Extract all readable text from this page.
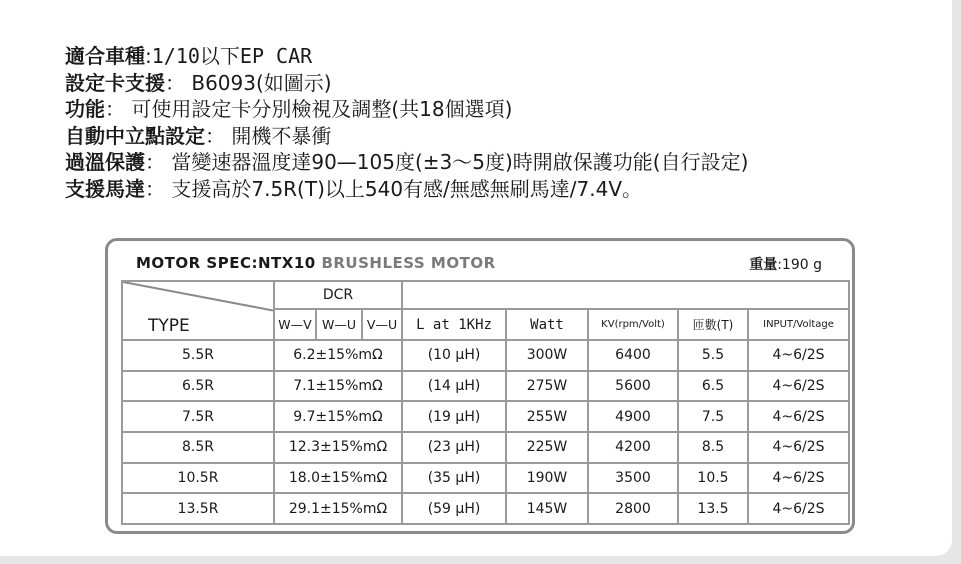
適合車種:1/10以下EP CAR
設定卡支援： B6093(如圖示)
功能： 可使用設定卡分別檢視及調整(共18個選項)
自動中立點設定： 開機不暴衝
過溫保護： 當變速器溫度達90—105度(±3～5度)時開啟保護功能(自行設定)
支援馬達： 支援高於7.5R(T)以上540有感/無感無刷馬達/7.4V。
MOTOR SPEC:NTX10 BRUSHLESS MOTOR	重量:190 g
TYPE	DCR							
	W—V	W—U	V—U	L at 1KHz	Watt	KV(rpm/Volt)	匝數(T)	INPUT/Voltage
5.5R	6.2±15%mΩ			(10 μH)	300W	6400	5.5	4~6/2S
6.5R	7.1±15%mΩ			(14 μH)	275W	5600	6.5	4~6/2S
7.5R	9.7±15%mΩ			(19 μH)	255W	4900	7.5	4~6/2S
8.5R	12.3±15%mΩ			(23 μH)	225W	4200	8.5	4~6/2S
10.5R	18.0±15%mΩ			(35 μH)	190W	3500	10.5	4~6/2S
13.5R	29.1±15%mΩ			(59 μH)	145W	2800	13.5	4~6/2S
